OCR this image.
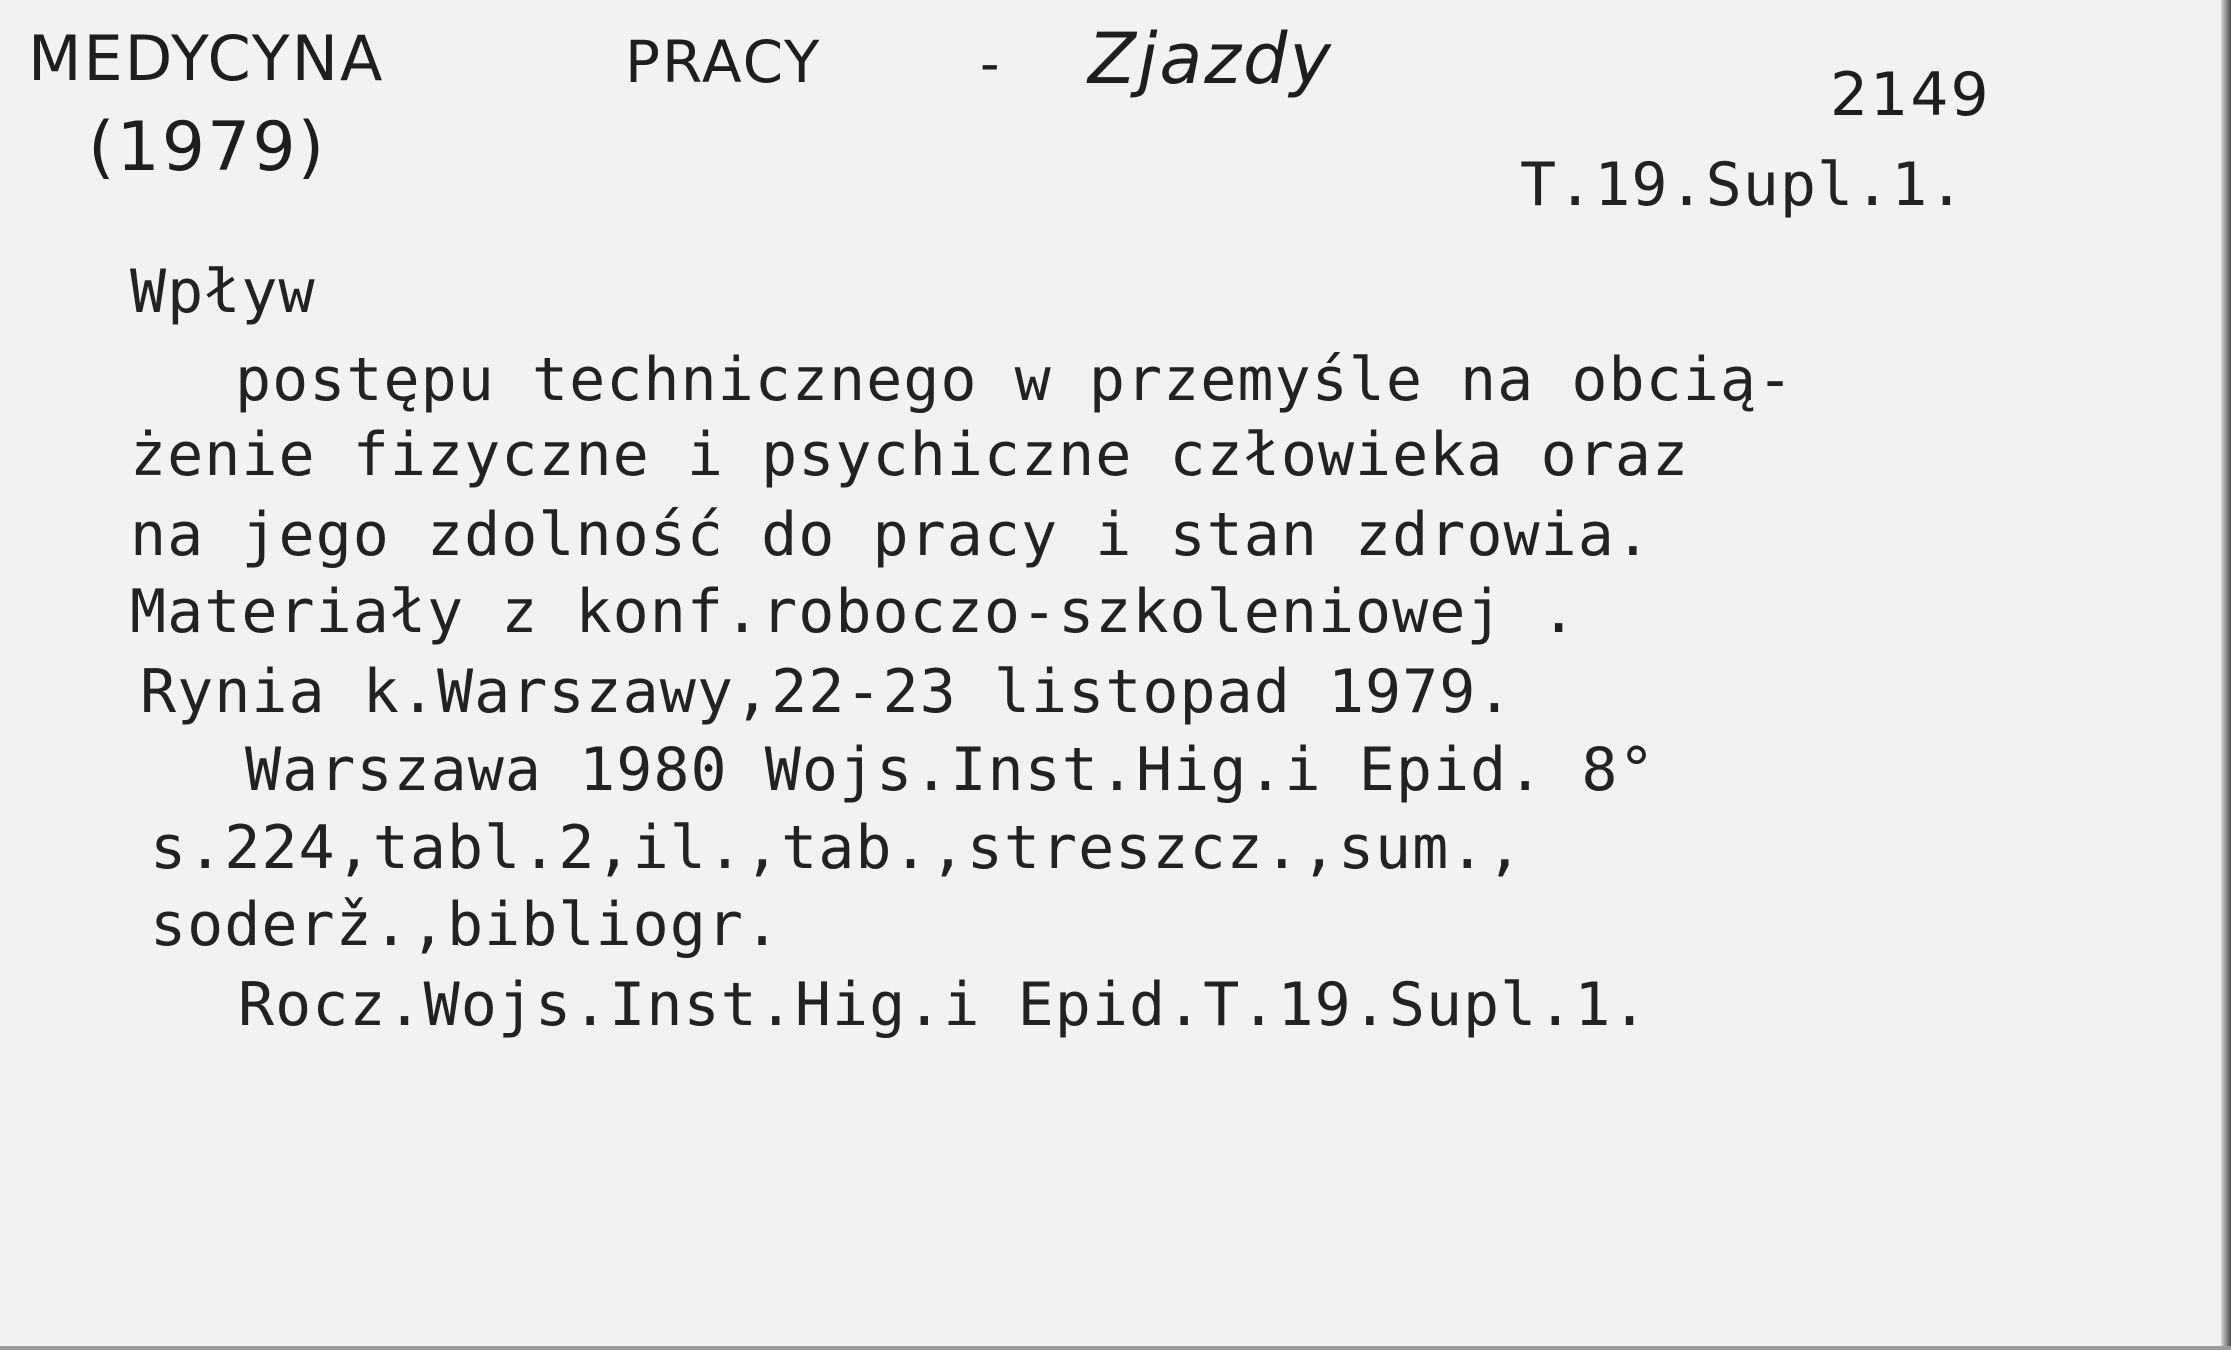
MEDYCYNA	PRACY	- Zjazdy
(1979)
2149
T.19.Supl.1.
Wpływ
postępu technicznego w przemyśle na obcią-
żenie fizyczne i psychiczne człowieka oraz
na jego zdolność do pracy i stan zdrowia.
Materiały z konf.roboczo-szkoleniowej .
Rynia k.Warszawy,22-23 listopad 1979.
Warszawa 1980 Wojs.Inst.Hig.i Epid. 8°
s.224,tabl.2,il.,tab.,streszcz.,sum.,
soderž.,bibliogr.
Rocz.Wojs.Inst.Hig.i Epid.T.19.Supl.1.
